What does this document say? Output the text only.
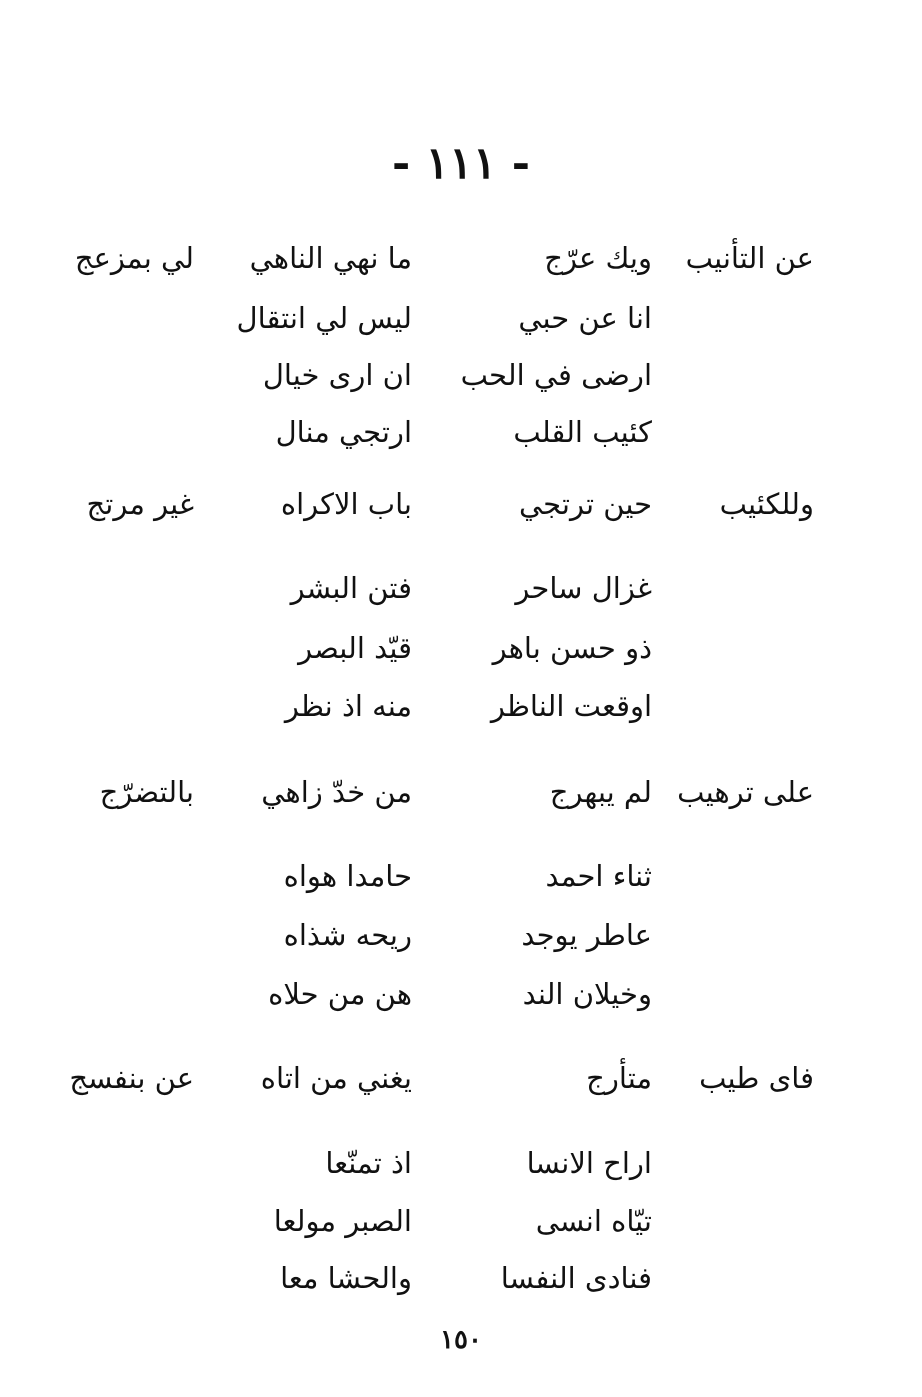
- ١١١ -
عن التأنيب
ويك عرّج
ما نهي الناهي
لي بمزعج
انا عن حبي
ليس لي انتقال
ارضى في الحب
ان ارى خيال
كئيب القلب
ارتجي منال
وللكئيب
حين ترتجي
باب الاكراه
غير مرتج
غزال ساحر
فتن البشر
ذو حسن باهر
قيّد البصر
اوقعت الناظر
منه اذ نظر
على ترهيب
لم يبهرج
من خدّ زاهي
بالتضرّج
ثناء احمد
حامدا هواه
عاطر يوجد
ريحه شذاه
وخيلان الند
هن من حلاه
فاى طيب
متأرج
يغني من اتاه
عن بنفسج
اراح الانسا
اذ تمنّعا
تيّاه انسى
الصبر مولعا
فنادى النفسا
والحشا معا
١٥٠
